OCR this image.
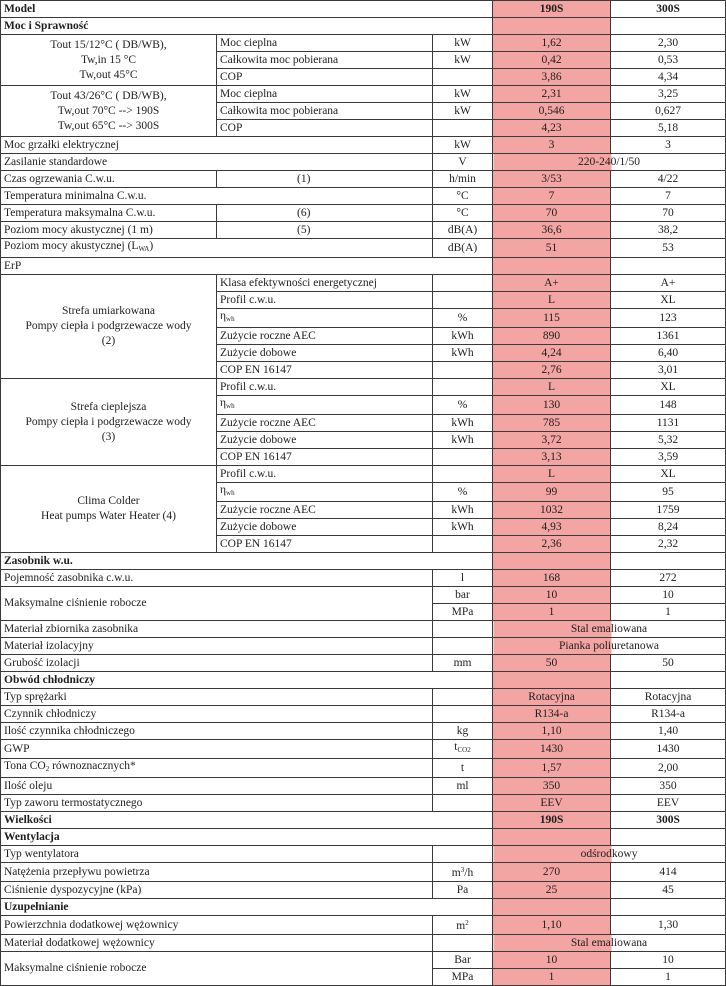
Model			190S	300S
Moc i Sprawność				
Tout 15/12°C ( DB/WB),
Tw,in 15 °C
Tw,out 45°C	Moc cieplna	kW	1,62	2,30
	Całkowita moc pobierana	kW	0,42	0,53
	COP		3,86	4,34
Tout 43/26°C ( DB/WB),
Tw,out 70°C --> 190S
Tw,out 65°C --> 300S	Moc cieplna	kW	2,31	3,25
	Całkowita moc pobierana	kW	0,546	0,627
	COP		4,23	5,18
Moc grzałki elektrycznej		kW	3	3
Zasilanie standardowe		V	220-240/1/50	
Czas ogrzewania C.w.u.	(1)	h/min	3/53	4/22
Temperatura minimalna C.w.u.		°C	7	7
Temperatura maksymalna C.w.u.	(6)	°C	70	70
Poziom mocy akustycznej (1 m)	(5)	dB(A)	36,6	38,2
Poziom mocy akustycznej $(L_{WA})$		dB(A)	51	53
ErP				
Strefa umiarkowana
Pompy ciepła i podgrzewacze wody
(2)	Klasa efektywności energetycznej		A+	A+
	Profil c.w.u.		L	XL
	$\eta_{wh}$	%	115	123
	Zużycie roczne AEC	kWh	890	1361
	Zużycie dobowe	kWh	4,24	6,40
	COP EN 16147		2,76	3,01
Strefa cieplejsza
Pompy ciepła i podgrzewacze wody
(3)	Profil c.w.u.		L	XL
	$\eta_{wh}$	%	130	148
	Zużycie roczne AEC	kWh	785	1131
	Zużycie dobowe	kWh	3,72	5,32
	COP EN 16147		3,13	3,59
Clima Colder
Heat pumps Water Heater (4)	Profil c.w.u.		L	XL
	$\eta_{wh}$	%	99	95
	Zużycie roczne AEC	kWh	1032	1759
	Zużycie dobowe	kWh	4,93	8,24
	COP EN 16147		2,36	2,32
Zasobnik w.u.				
Pojemność zasobnika c.w.u.		l	168	272
Maksymalne ciśnienie robocze		bar	10	10
		MPa	1	1
Materiał zbiornika zasobnika			Stal emaliowana	
Materiał izolacyjny			Pianka poliuretanowa	
Grubość izolacji		mm	50	50
Obwód chłodniczy				
Typ sprężarki			Rotacyjna	Rotacyjna
Czynnik chłodniczy			R134-a	R134-a
Ilość czynnika chłodniczego		kg	1,10	1,40
GWP		$t_{CO2}$	1430	1430
Tona $CO_2$ równoznacznych*		t	1,57	2,00
Ilość oleju		ml	350	350
Typ zaworu termostatycznego			EEV	EEV
Wielkości			190S	300S
Wentylacja				
Typ wentylatora			odśrodkowy	
Natężenia przepływu powietrza		$m^3/h$	270	414
Ciśnienie dyspozycyjne (kPa)		Pa	25	45
Uzupełnianie				
Powierzchnia dodatkowej wężownicy		$m^2$	1,10	1,30
Materiał dodatkowej wężownicy			Stal emaliowana	
Maksymalne ciśnienie robocze		Bar	10	10
		MPa	1	1
